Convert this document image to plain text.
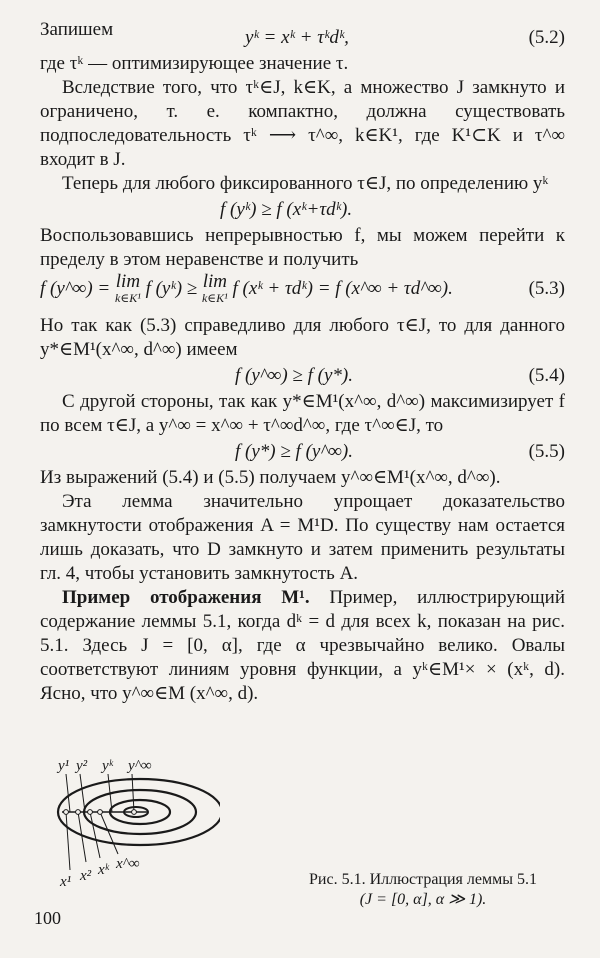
Запишем	yᵏ = xᵏ + τᵏdᵏ,	(5.2)

где τᵏ — оптимизирующее значение τ.

Вследствие того, что τᵏ∈J, k∈K, а множество J замкнуто и ограничено, т. е. компактно, должна существовать подпоследовательность τᵏ ⟶ τ^∞, k∈K¹, где K¹⊂K и τ^∞ входит в J.

Теперь для любого фиксированного τ∈J, по определению yᵏ

f (yᵏ) ≥ f (xᵏ+τdᵏ).

Воспользовавшись непрерывностью f, мы можем перейти к пределу в этом неравенстве и получить

f (y^∞) = lim
k∈K¹ f (yᵏ) ≥ lim
k∈K¹ f (xᵏ + τdᵏ) = f (x^∞ + τd^∞).	(5.3)

Но так как (5.3) справедливо для любого τ∈J, то для данного y*∈M¹(x^∞, d^∞) имеем

f (y^∞) ≥ f (y*).	(5.4)

С другой стороны, так как y*∈M¹(x^∞, d^∞) максимизирует f по всем τ∈J, а y^∞ = x^∞ + τ^∞d^∞, где τ^∞∈J, то

f (y*) ≥ f (y^∞).	(5.5)

Из выражений (5.4) и (5.5) получаем y^∞∈M¹(x^∞, d^∞).

Эта лемма значительно упрощает доказательство замкнутости отображения A = M¹D. По существу нам остается лишь доказать, что D замкнуто и затем применить результаты гл. 4, чтобы установить замкнутость A.

Пример отображения M¹. Пример, иллюстрирующий содержание леммы 5.1, когда dᵏ = d для всех k, показан на рис. 5.1. Здесь J = [0, α], где α чрезвычайно велико. Овалы соответствуют линиям уровня функции, а yᵏ∈M¹× × (xᵏ, d). Ясно, что y^∞∈M (x^∞, d).

y¹ y² yᵏ y^∞
x¹ x² xᵏ x^∞
Рис. 5.1. Иллюстрация леммы 5.1
(J = [0, α], α ≫ 1).
100
